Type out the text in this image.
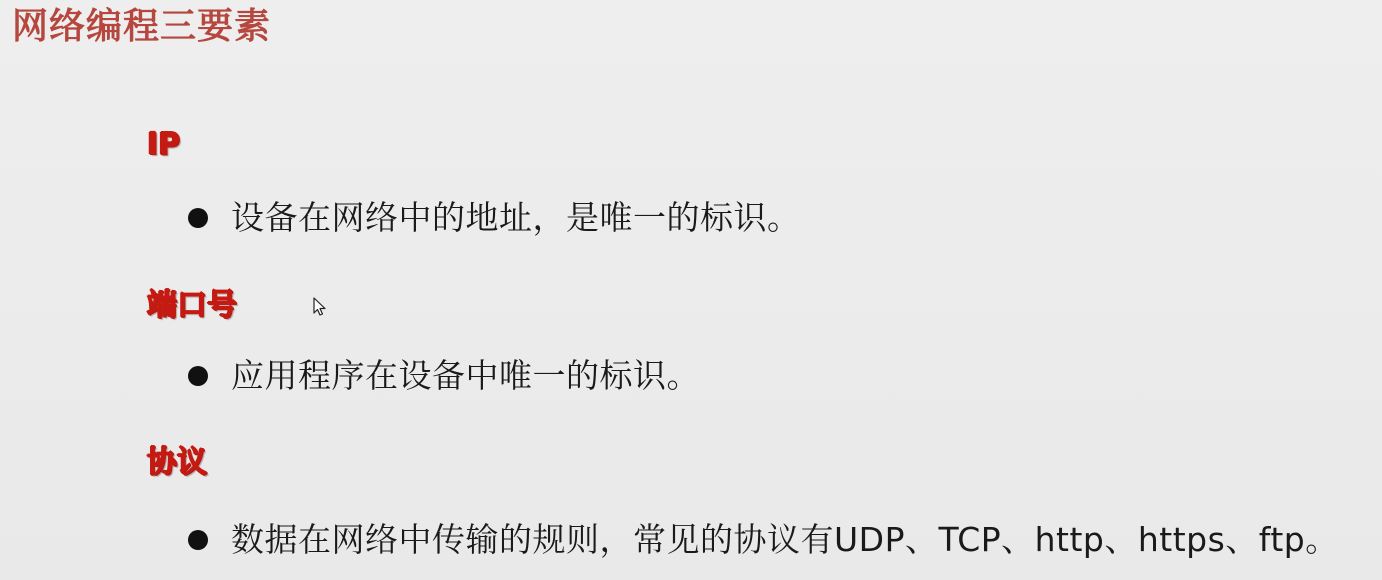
网络编程三要素
IP
设备在网络中的地址，是唯一的标识。
端口号
应用程序在设备中唯一的标识。
协议
数据在网络中传输的规则，常见的协议有UDP、TCP、http、https、ftp。
